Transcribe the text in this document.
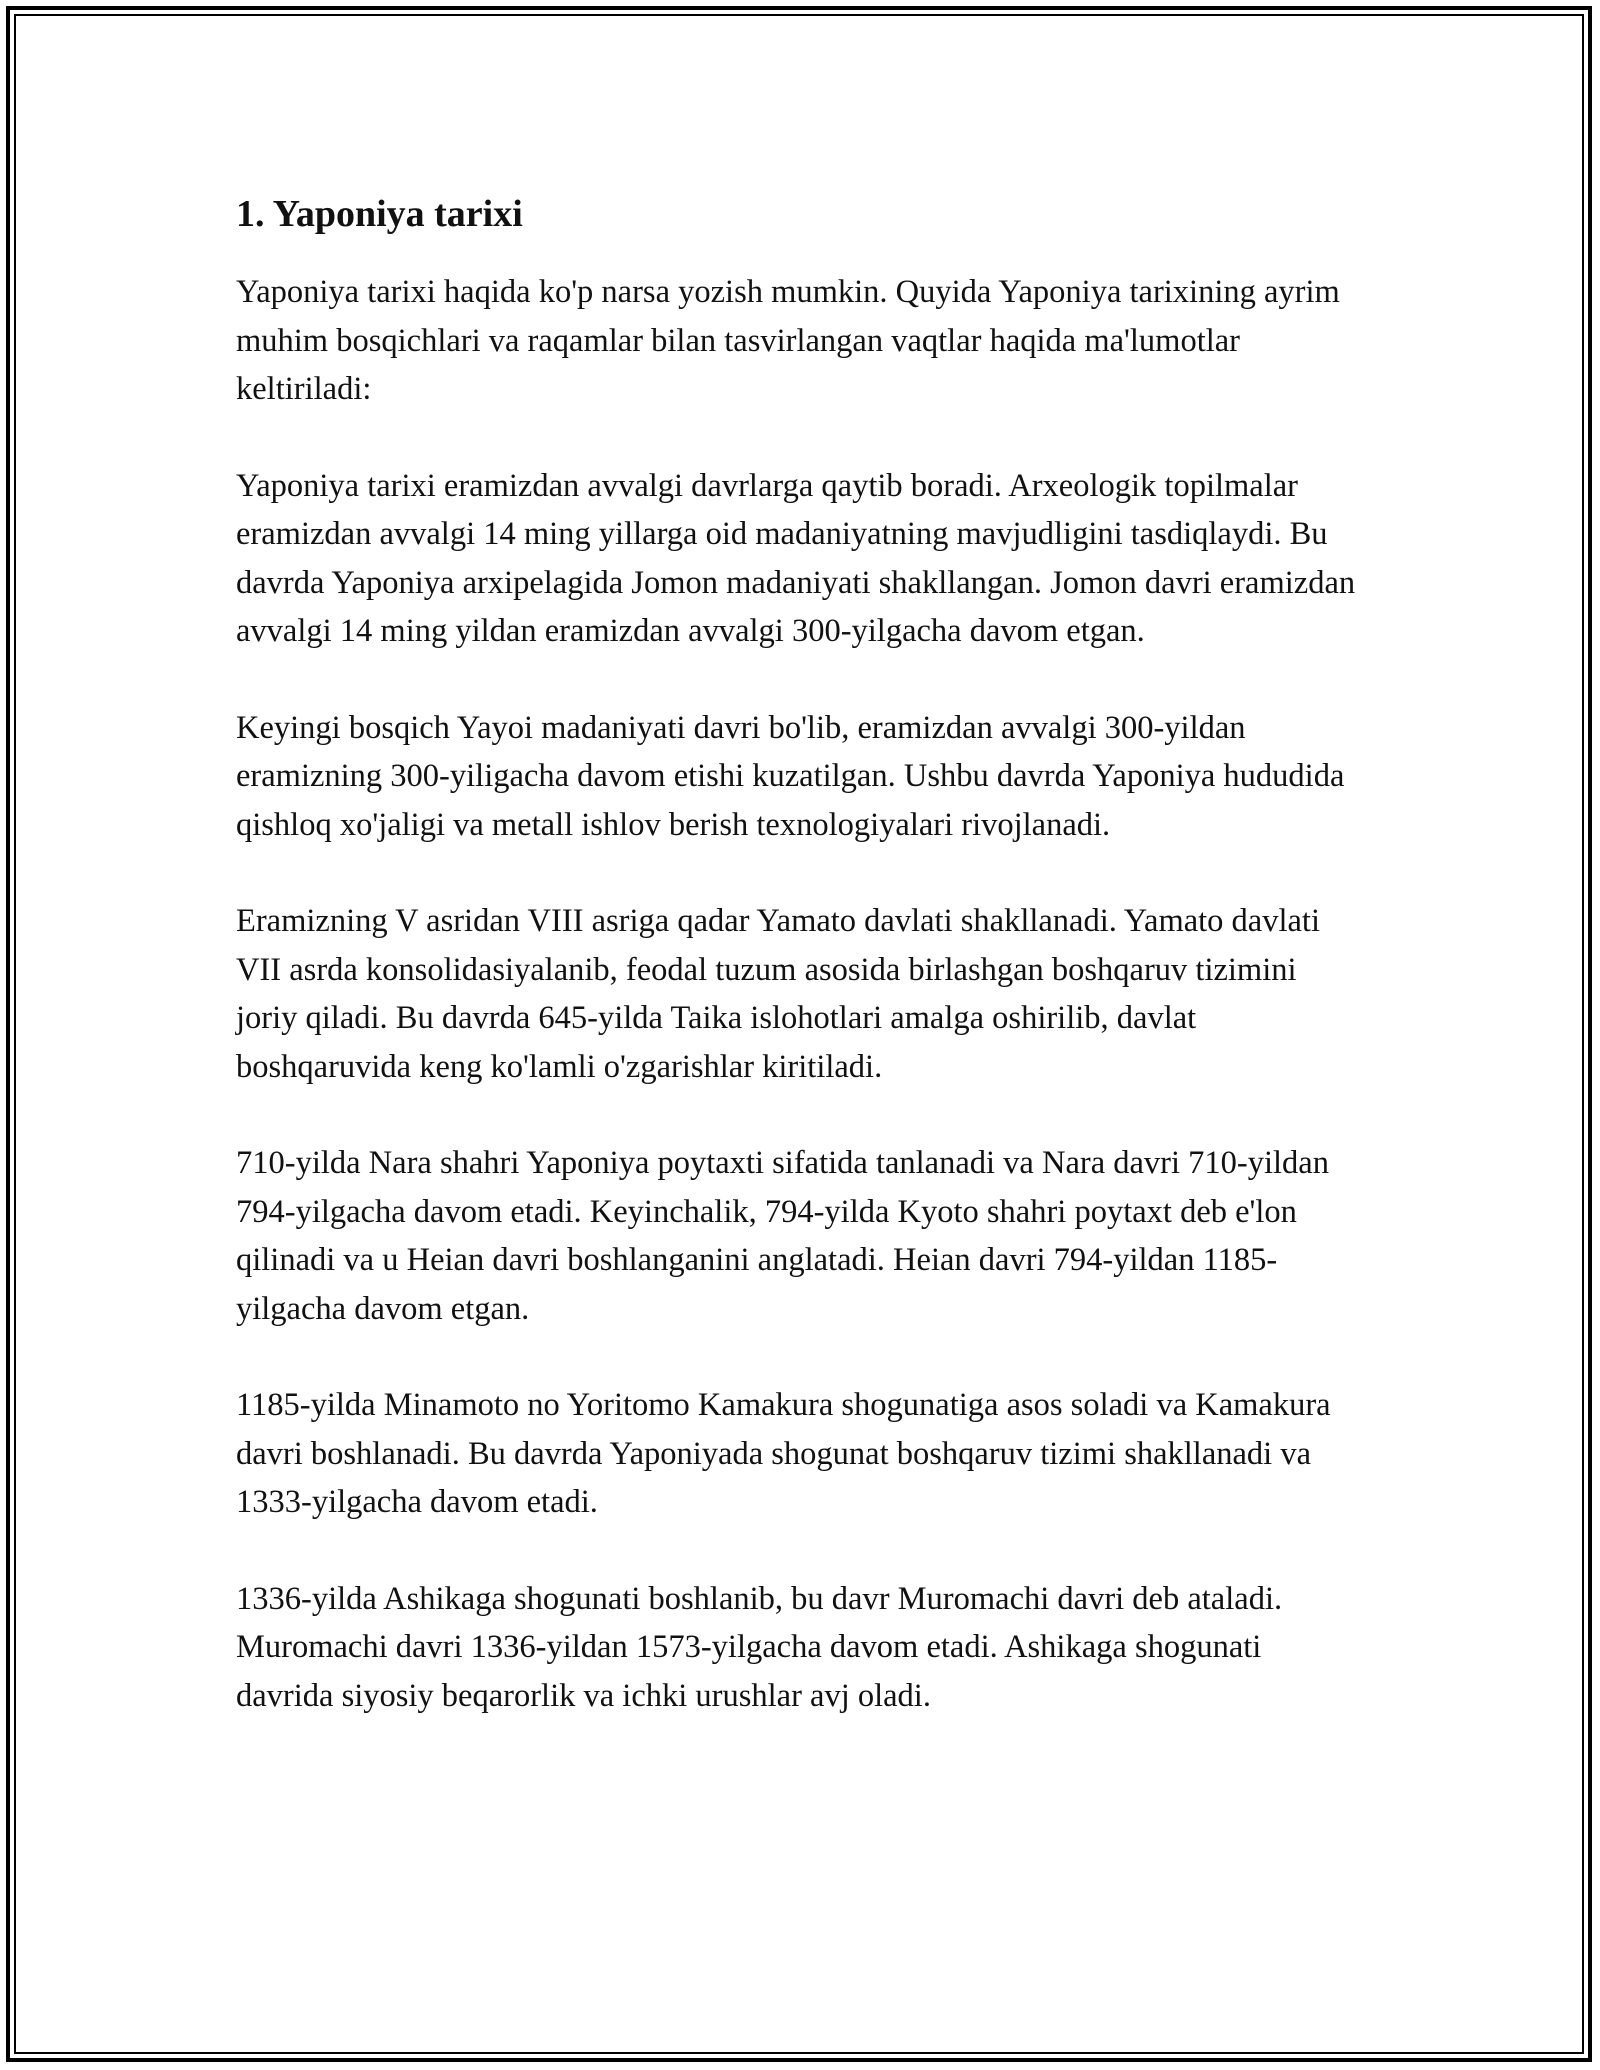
1. Yaponiya tarixi

Yaponiya tarixi haqida ko'p narsa yozish mumkin. Quyida Yaponiya tarixining ayrim muhim bosqichlari va raqamlar bilan tasvirlangan vaqtlar haqida ma'lumotlar keltiriladi:

Yaponiya tarixi eramizdan avvalgi davrlarga qaytib boradi. Arxeologik topilmalar eramizdan avvalgi 14 ming yillarga oid madaniyatning mavjudligini tasdiqlaydi. Bu davrda Yaponiya arxipelagida Jomon madaniyati shakllangan. Jomon davri eramizdan avvalgi 14 ming yildan eramizdan avvalgi 300-yilgacha davom etgan.

Keyingi bosqich Yayoi madaniyati davri bo'lib, eramizdan avvalgi 300-yildan eramizning 300-yiligacha davom etishi kuzatilgan. Ushbu davrda Yaponiya hududida qishloq xo'jaligi va metall ishlov berish texnologiyalari rivojlanadi.

Eramizning V asridan VIII asriga qadar Yamato davlati shakllanadi. Yamato davlati VII asrda konsolidasiyalanib, feodal tuzum asosida birlashgan boshqaruv tizimini joriy qiladi. Bu davrda 645-yilda Taika islohotlari amalga oshirilib, davlat boshqaruvida keng ko'lamli o'zgarishlar kiritiladi.

710-yilda Nara shahri Yaponiya poytaxti sifatida tanlanadi va Nara davri 710-yildan 794-yilgacha davom etadi. Keyinchalik, 794-yilda Kyoto shahri poytaxt deb e'lon qilinadi va u Heian davri boshlanganini anglatadi. Heian davri 794-yildan 1185-yilgacha davom etgan.

1185-yilda Minamoto no Yoritomo Kamakura shogunatiga asos soladi va Kamakura davri boshlanadi. Bu davrda Yaponiyada shogunat boshqaruv tizimi shakllanadi va 1333-yilgacha davom etadi.

1336-yilda Ashikaga shogunati boshlanib, bu davr Muromachi davri deb ataladi. Muromachi davri 1336-yildan 1573-yilgacha davom etadi. Ashikaga shogunati davrida siyosiy beqarorlik va ichki urushlar avj oladi.
